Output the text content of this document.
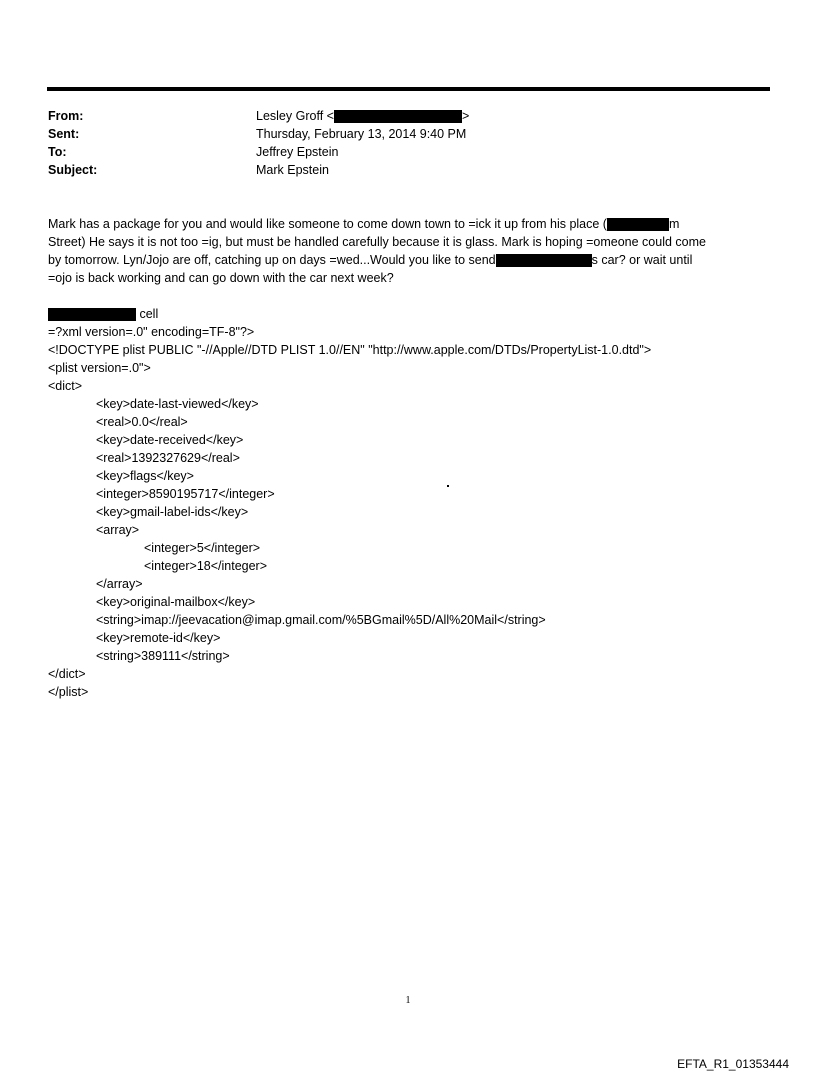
From:	Lesley Groff <	>
Sent:	Thursday, February 13, 2014 9:40 PM
To:	Jeffrey Epstein
Subject:	Mark Epstein
Mark has a package for you and would like someone to come down town to =ick it up from his place (	m
Street) He says it is not too =ig, but must be handled carefully because it is glass. Mark is hoping =omeone could come
by tomorrow. Lyn/Jojo are off, catching up on days =wed...Would you like to send	s car? or wait until
=ojo is back working and can go down with the car next week?
cell
=?xml version=.0" encoding=TF-8"?>
<!DOCTYPE plist PUBLIC "-//Apple//DTD PLIST 1.0//EN" "http://www.apple.com/DTDs/PropertyList-1.0.dtd">
<plist version=.0">
<dict>
<key>date-last-viewed</key>
<real>0.0</real>
<key>date-received</key>
<real>1392327629</real>
<key>flags</key>
<integer>8590195717</integer>
<key>gmail-label-ids</key>
<array>
<integer>5</integer>
<integer>18</integer>
</array>
<key>original-mailbox</key>
<string>imap://jeevacation@imap.gmail.com/%5BGmail%5D/All%20Mail</string>
<key>remote-id</key>
<string>389111</string>
</dict>
</plist>
1
EFTA_R1_01353444
